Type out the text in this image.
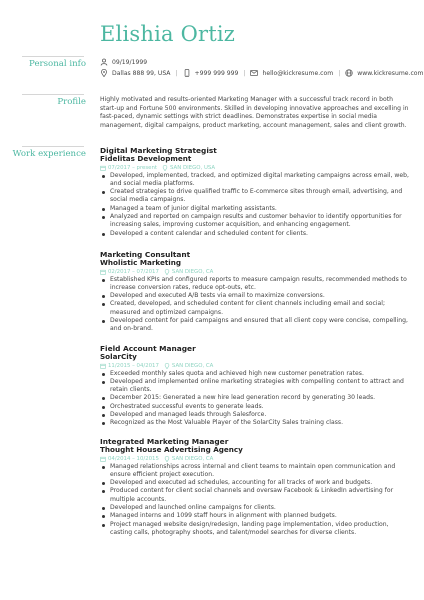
Elishia Ortiz
Personal info	09/19/1999
Dallas 888 99, USA |	+999 999 999 |	hello@kickresume.com |	www.kickresume.com
Profile Highly motivated and results-oriented Marketing Manager with a successful track record in both start-up and Fortune 500 environments. Skilled in developing innovative approaches and excelling in fast-paced, dynamic settings with strict deadlines. Demonstrates expertise in social media management, digital campaigns, product marketing, account management, sales and client growth.

Work experience Digital Marketing Strategist
Fidelitas Development
07/2017 – present SAN DIEGO, USA
Developed, implemented, tracked, and optimized digital marketing campaigns across email, web, and social media platforms.
Created strategies to drive qualified traffic to E-commerce sites through email, advertising, and social media campaigns.
Managed a team of junior digital marketing assistants.
Analyzed and reported on campaign results and customer behavior to identify opportunities for increasing sales, improving customer acquisition, and enhancing engagement.
Developed a content calendar and scheduled content for clients.
Marketing Consultant
Wholistic Marketing
02/2017 – 07/2017 SAN DIEGO, CA
Established KPIs and configured reports to measure campaign results, recommended methods to increase conversion rates, reduce opt-outs, etc.
Developed and executed A/B tests via email to maximize conversions.
Created, developed, and scheduled content for client channels including email and social; measured and optimized campaigns.
Developed content for paid campaigns and ensured that all client copy were concise, compelling, and on-brand.
Field Account Manager
SolarCity
11/2015 – 04/2017 SAN DIEGO, CA
Exceeded monthly sales quota and achieved high new customer penetration rates.
Developed and implemented online marketing strategies with compelling content to attract and retain clients.
December 2015: Generated a new hire lead generation record by generating 30 leads.
Orchestrated successful events to generate leads.
Developed and managed leads through Salesforce.
Recognized as the Most Valuable Player of the SolarCity Sales training class.
Integrated Marketing Manager
Thought House Advertising Agency
04/2014 – 10/2015 SAN DIEGO, CA
Managed relationships across internal and client teams to maintain open communication and ensure efficient project execution.
Developed and executed ad schedules, accounting for all tracks of work and budgets.
Produced content for client social channels and oversaw Facebook & LinkedIn advertising for multiple accounts.
Developed and launched online campaigns for clients.
Managed interns and 1099 staff hours in alignment with planned budgets.
Project managed website design/redesign, landing page implementation, video production, casting calls, photography shoots, and talent/model searches for diverse clients.
